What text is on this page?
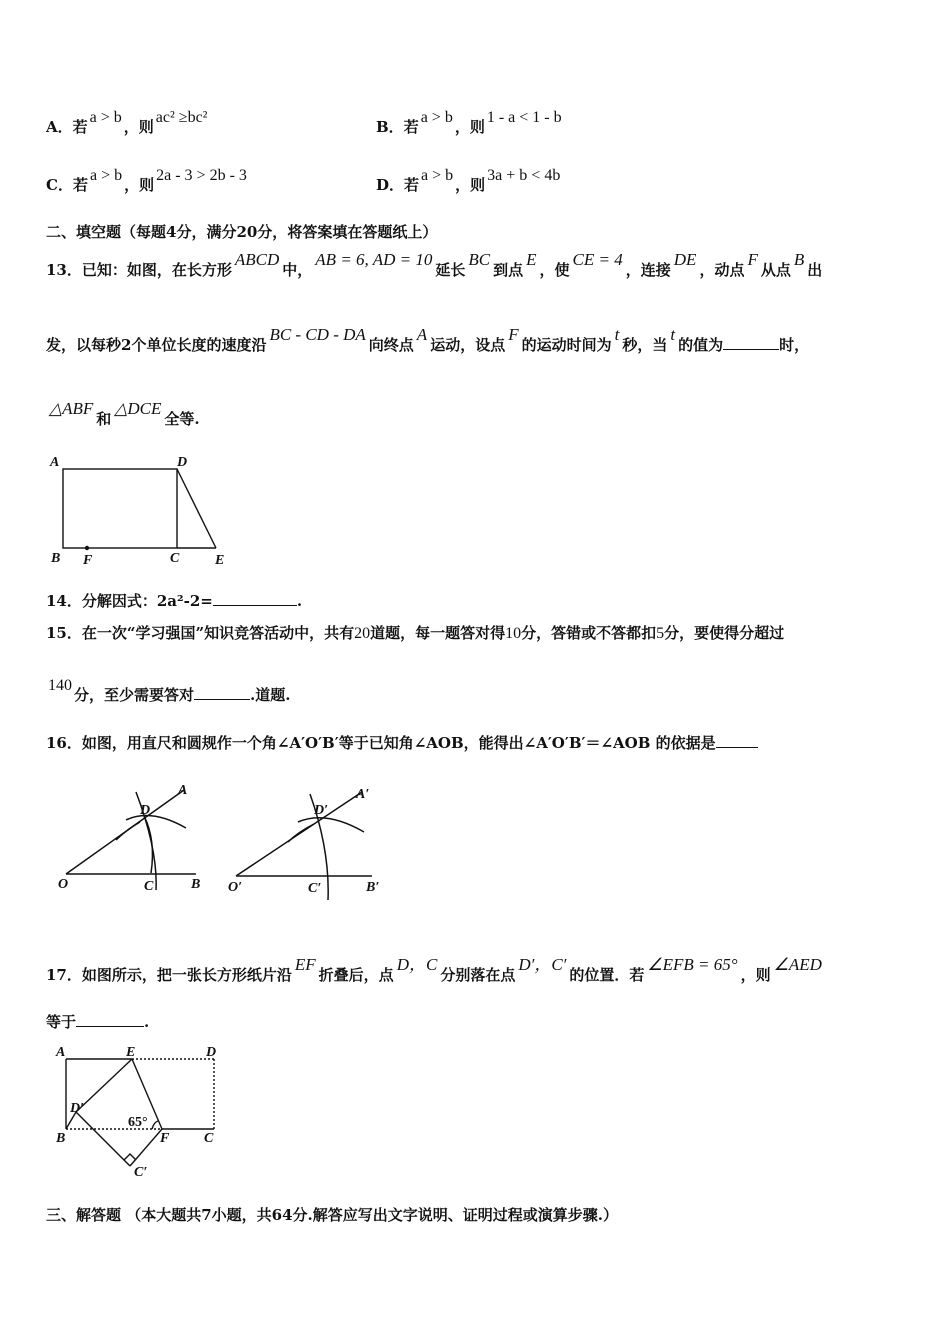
A．若a > b，则ac² ≥bc²
B．若a > b，则1 - a < 1 - b
C．若a > b，则2a - 3 > 2b - 3
D．若a > b，则3a + b < 4b
二、填空题（每题4分，满分20分，将答案填在答题纸上）
13．已知：如图，在长方形ABCD中，AB = 6, AD = 10延长BC到点E，使CE = 4，连接DE，动点F从点B出
发，以每秒2个单位长度的速度沿BC - CD - DA向终点A运动，设点F的运动时间为t秒，当t的值为	时，
△ABF和△DCE全等.
A	D
B F	C	E
14．分解因式：2a²-2=	.
15．在一次“学习强国”知识竞答活动中，共有20道题，每一题答对得10分，答错或不答都扣5分，要使得分超过
140分，至少需要答对	.道题.
16．如图，用直尺和圆规作一个角∠A′O′B′等于已知角∠AOB，能得出∠A′O′B′＝∠AOB 的依据是
O	C	B
D
A
O′	C′	B′
D′
A′
17．如图所示，把一张长方形纸片沿EF折叠后，点D，C分别落在点D′，C′的位置．若∠EFB = 65°，则∠AED
等于	.
A	E	D
D′
B	F C
C′
65°
三、解答题 （本大题共7小题，共64分.解答应写出文字说明、证明过程或演算步骤.）
